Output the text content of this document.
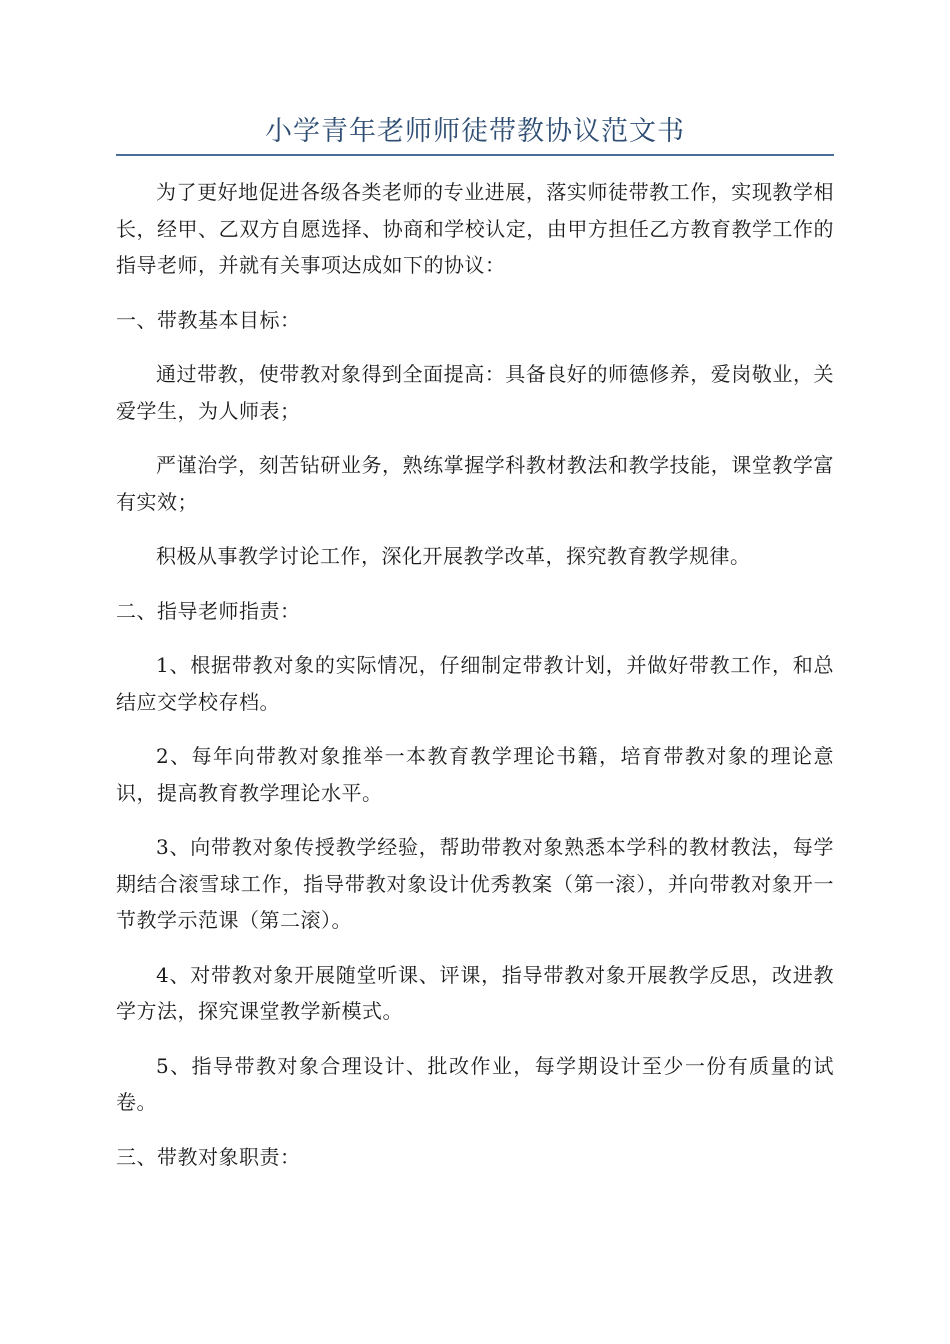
小学青年老师师徒带教协议范文书

为了更好地促进各级各类老师的专业进展，落实师徒带教工作，实现教学相长，经甲、乙双方自愿选择、协商和学校认定，由甲方担任乙方教育教学工作的指导老师，并就有关事项达成如下的协议：

一、带教基本目标：

通过带教，使带教对象得到全面提高：具备良好的师德修养，爱岗敬业，关爱学生，为人师表；

严谨治学，刻苦钻研业务，熟练掌握学科教材教法和教学技能，课堂教学富有实效；

积极从事教学讨论工作，深化开展教学改革，探究教育教学规律。

二、指导老师指责：

1、根据带教对象的实际情况，仔细制定带教计划，并做好带教工作，和总结应交学校存档。

2、每年向带教对象推举一本教育教学理论书籍，培育带教对象的理论意识，提高教育教学理论水平。

3、向带教对象传授教学经验，帮助带教对象熟悉本学科的教材教法，每学期结合滚雪球工作，指导带教对象设计优秀教案（第一滚），并向带教对象开一节教学示范课（第二滚）。

4、对带教对象开展随堂听课、评课，指导带教对象开展教学反思，改进教学方法，探究课堂教学新模式。

5、指导带教对象合理设计、批改作业，每学期设计至少一份有质量的试卷。

三、带教对象职责：
